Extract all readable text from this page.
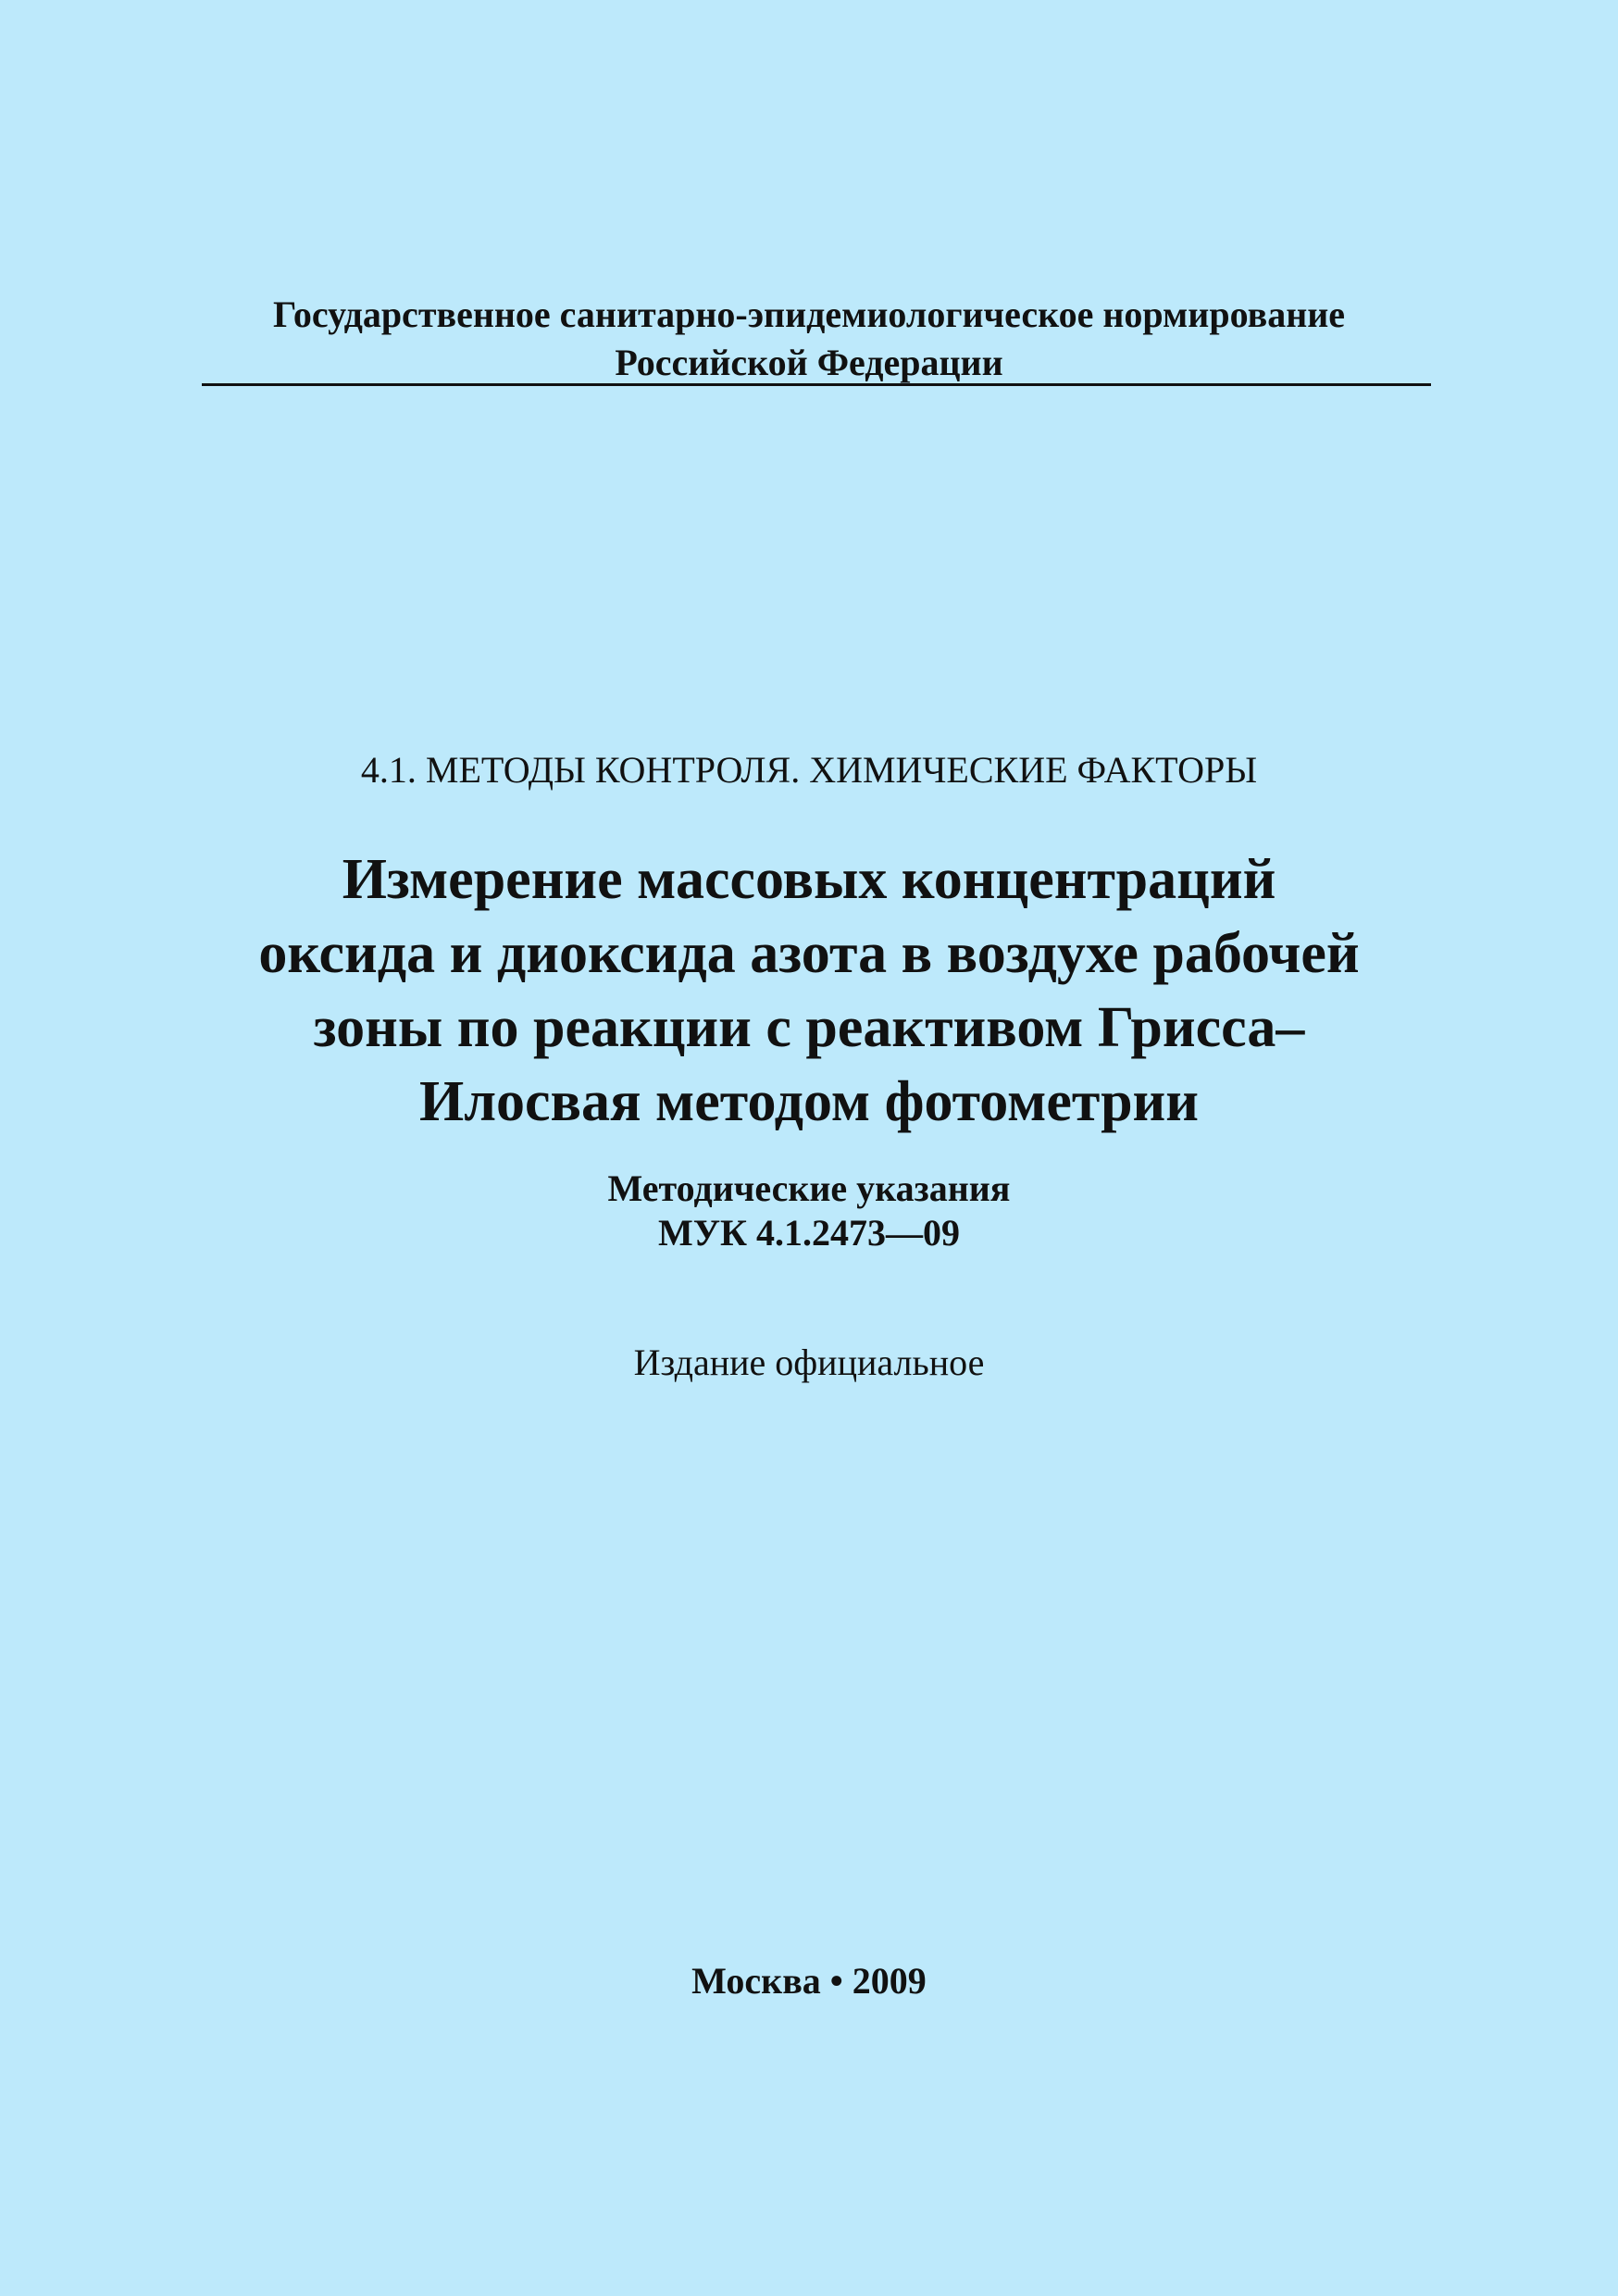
Государственное санитарно-эпидемиологическое нормирование
Российской Федерации
4.1. МЕТОДЫ КОНТРОЛЯ. ХИМИЧЕСКИЕ ФАКТОРЫ
Измерение массовых концентраций
оксида и диоксида азота в воздухе рабочей
зоны по реакции с реактивом Грисса–
Илосвая методом фотометрии
Методические указания
МУК 4.1.2473—09
Издание официальное
Москва • 2009
